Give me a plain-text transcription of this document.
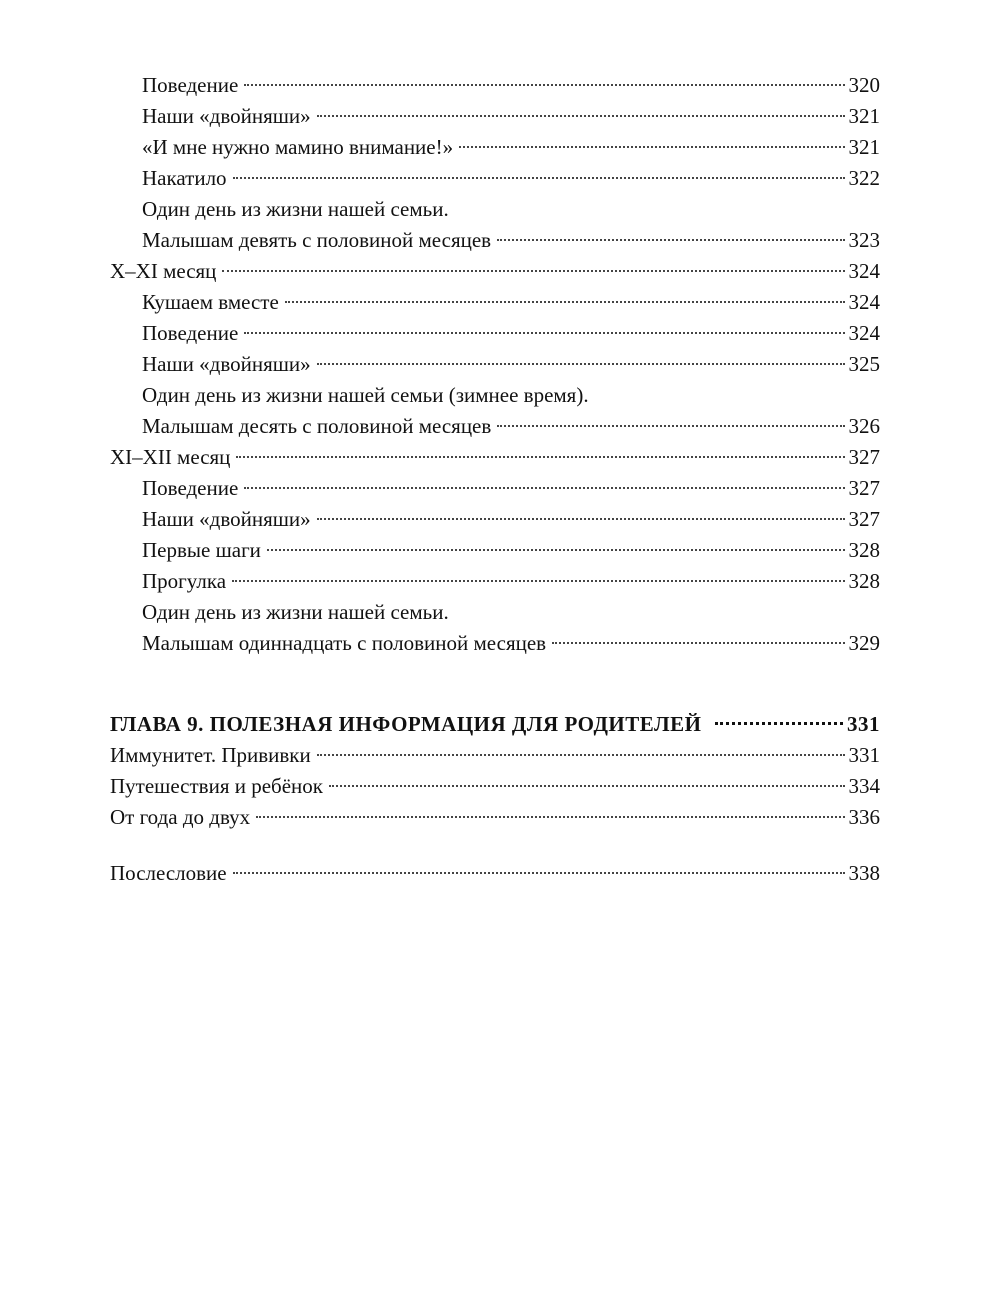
Поведение	320
Наши «двойняши»	321
«И мне нужно мамино внимание!»	321
Накатило	322
Один день из жизни нашей семьи.
Малышам девять с половиной месяцев	323
X–XI месяц	324
Кушаем вместе	324
Поведение	324
Наши «двойняши»	325
Один день из жизни нашей семьи (зимнее время).
Малышам десять с половиной месяцев	326
XI–XII месяц	327
Поведение	327
Наши «двойняши»	327
Первые шаги	328
Прогулка	328
Один день из жизни нашей семьи.
Малышам одиннадцать с половиной месяцев	329
ГЛАВА 9. ПОЛЕЗНАЯ ИНФОРМАЦИЯ ДЛЯ РОДИТЕЛЕЙ	331
Иммунитет. Прививки	331
Путешествия и ребёнок	334
От года до двух	336
Послесловие	338
